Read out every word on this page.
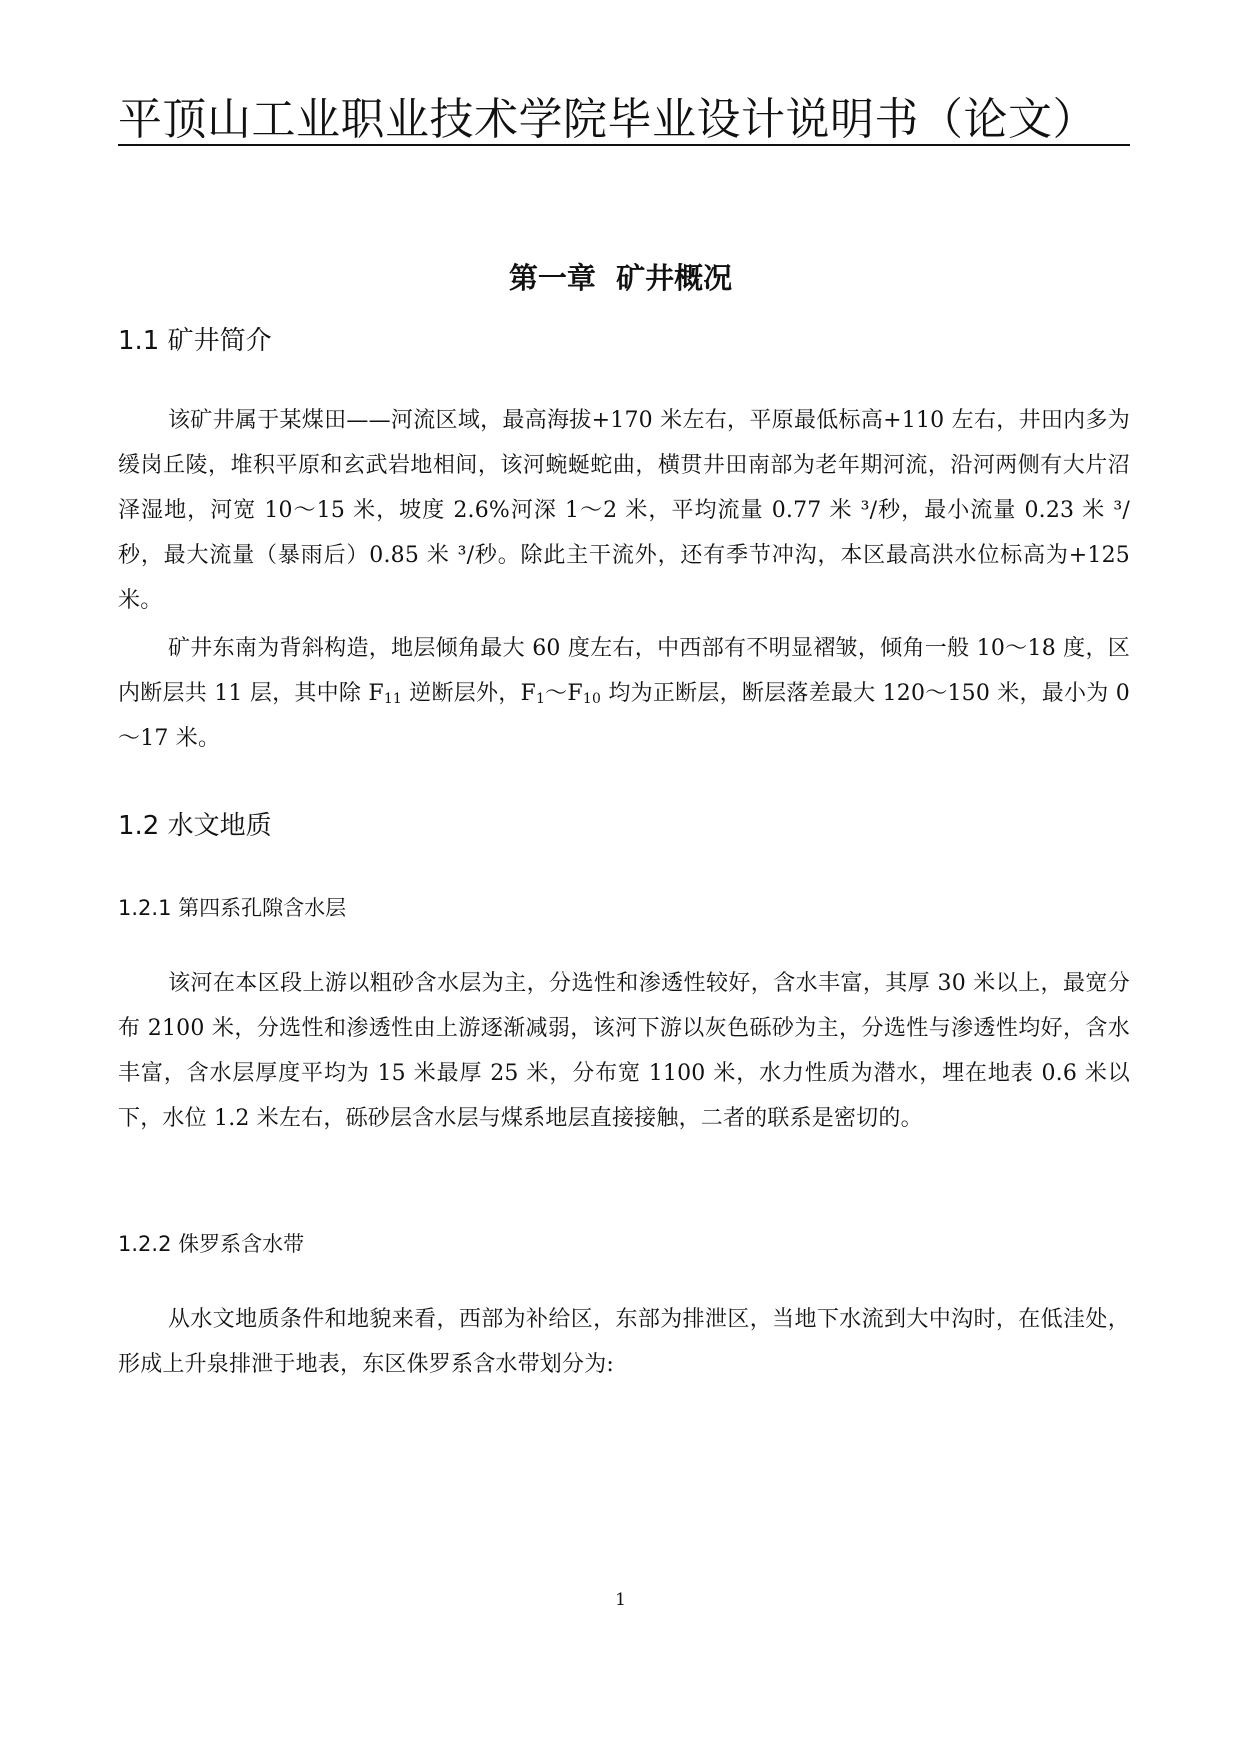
平顶山工业职业技术学院毕业设计说明书（论文）
第一章  矿井概况
1.1 矿井简介
该矿井属于某煤田——河流区域，最高海拔+170 米左右，平原最低标高+110 左右，井田内多为缓岗丘陵，堆积平原和玄武岩地相间，该河蜿蜒蛇曲，横贯井田南部为老年期河流，沿河两侧有大片沼泽湿地，河宽 10～15 米，坡度 2.6%河深 1～2 米，平均流量 0.77 米 ³/秒，最小流量 0.23 米 ³/秒，最大流量（暴雨后）0.85 米 ³/秒。除此主干流外，还有季节冲沟，本区最高洪水位标高为+125 米。
矿井东南为背斜构造，地层倾角最大 60 度左右，中西部有不明显褶皱，倾角一般 10～18 度，区内断层共 11 层，其中除 $F_{11}$ 逆断层外，$F_1\sim F_{10}$ 均为正断层，断层落差最大 120～150 米，最小为 0～17 米。
1.2 水文地质
1.2.1 第四系孔隙含水层
该河在本区段上游以粗砂含水层为主，分选性和渗透性较好，含水丰富，其厚 30 米以上，最宽分布 2100 米，分选性和渗透性由上游逐渐减弱，该河下游以灰色砾砂为主，分选性与渗透性均好，含水丰富，含水层厚度平均为 15 米最厚 25 米，分布宽 1100 米，水力性质为潜水，埋在地表 0.6 米以下，水位 1.2 米左右，砾砂层含水层与煤系地层直接接触，二者的联系是密切的。
1.2.2 侏罗系含水带
从水文地质条件和地貌来看，西部为补给区，东部为排泄区，当地下水流到大中沟时，在低洼处，形成上升泉排泄于地表，东区侏罗系含水带划分为:
1
